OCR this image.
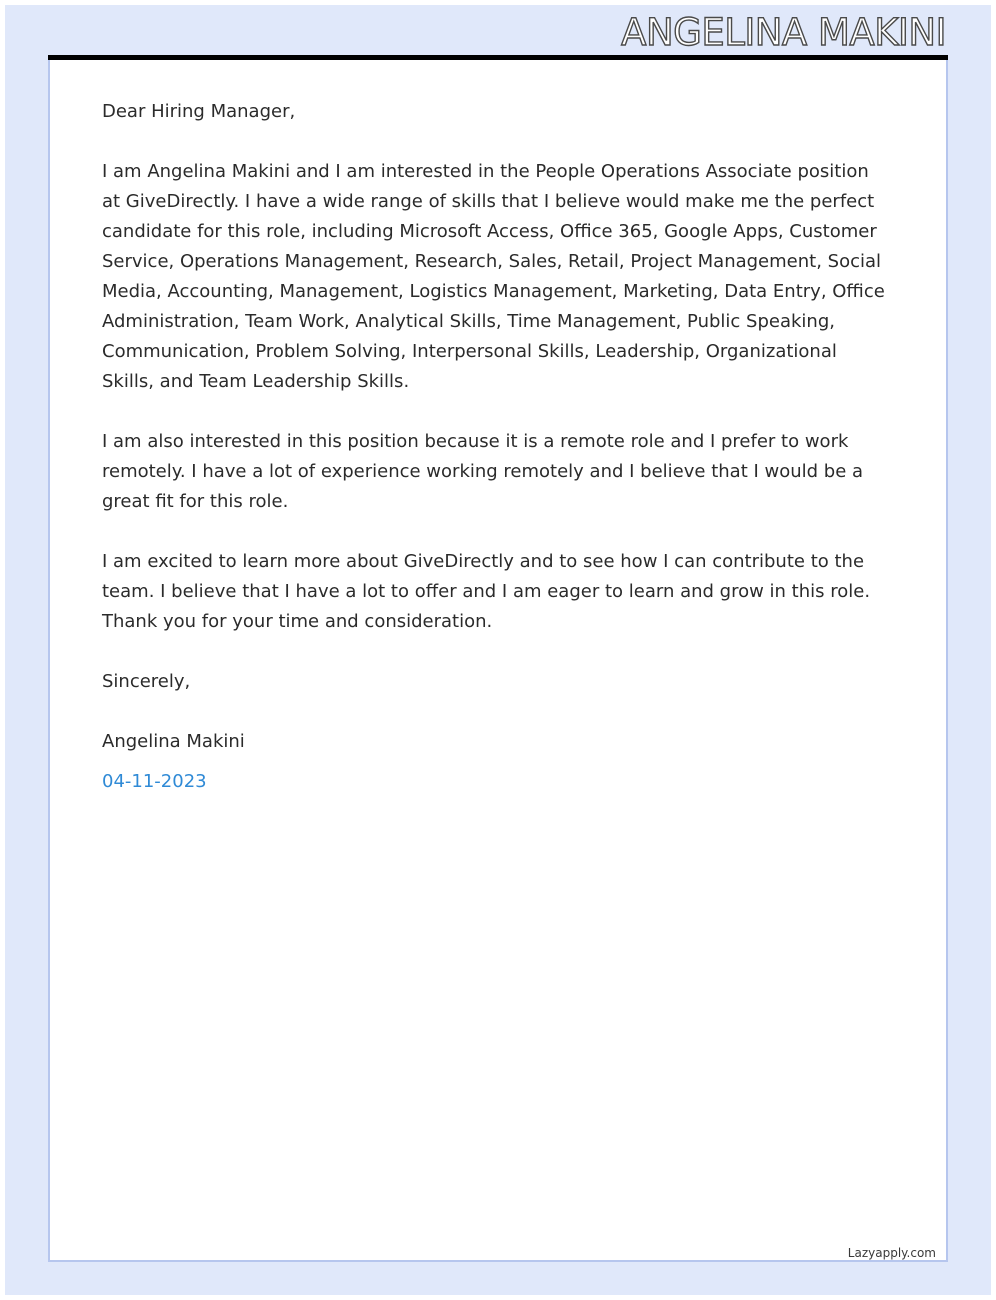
ANGELINA MAKINI

Dear Hiring Manager,

I am Angelina Makini and I am interested in the People Operations Associate position at GiveDirectly. I have a wide range of skills that I believe would make me the perfect candidate for this role, including Microsoft Access, Office 365, Google Apps, Customer Service, Operations Management, Research, Sales, Retail, Project Management, Social Media, Accounting, Management, Logistics Management, Marketing, Data Entry, Office Administration, Team Work, Analytical Skills, Time Management, Public Speaking, Communication, Problem Solving, Interpersonal Skills, Leadership, Organizational Skills, and Team Leadership Skills.

I am also interested in this position because it is a remote role and I prefer to work remotely. I have a lot of experience working remotely and I believe that I would be a great fit for this role.

I am excited to learn more about GiveDirectly and to see how I can contribute to the team. I believe that I have a lot to offer and I am eager to learn and grow in this role. Thank you for your time and consideration.

Sincerely,

Angelina Makini

04-11-2023
Lazyapply.com
